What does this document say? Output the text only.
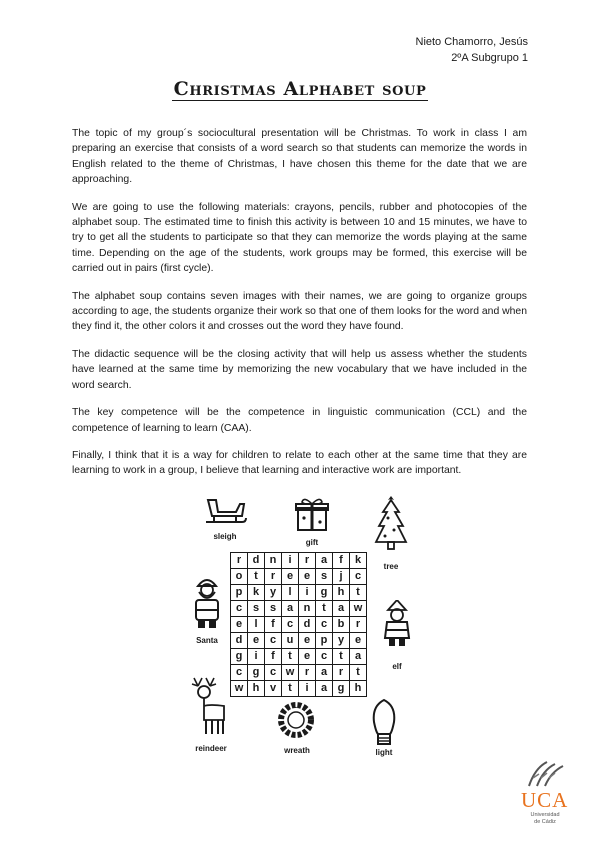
Nieto Chamorro, Jesús
2ºA Subgrupo 1
Christmas Alphabet soup

The topic of my group´s sociocultural presentation will be Christmas. To work in class I am preparing an exercise that consists of a word search so that students can memorize the words in English related to the theme of Christmas, I have chosen this theme for the date that we are approaching.

We are going to use the following materials: crayons, pencils, rubber and photocopies of the alphabet soup. The estimated time to finish this activity is between 10 and 15 minutes, we have to try to get all the students to participate so that they can memorize the words playing at the same time. Depending on the age of the students, work groups may be formed, this exercise will be carried out in pairs (first cycle).

The alphabet soup contains seven images with their names, we are going to organize groups according to age, the students organize their work so that one of them looks for the word and when they find it, the other colors it and crosses out the word they have found.

The didactic sequence will be the closing activity that will help us assess whether the students have learned at the same time by memorizing the new vocabulary that we have included in the word search.

The key competence will be the competence in linguistic communication (CCL) and the competence of learning to learn (CAA).

Finally, I think that it is a way for children to relate to each other at the same time that they are learning to work in a group, I believe that learning and interactive work are important.

sleigh
gift
tree
Santa
elf
reindeer	wreath	light
r	d	n	i	r	a	f	k
o	t	r	e	e	s	j	c
p	k	y	l	i	g	h	t
c	s	s	a	n	t	a	w
e	l	f	c	d	c	b	r
d	e	c	u	e	p	y	e
g	i	f	t	e	c	t	a
c	g	c	w	r	a	r	t
w	h	v	t	i	a	g	h
UCA
Universidad
de Cádiz
